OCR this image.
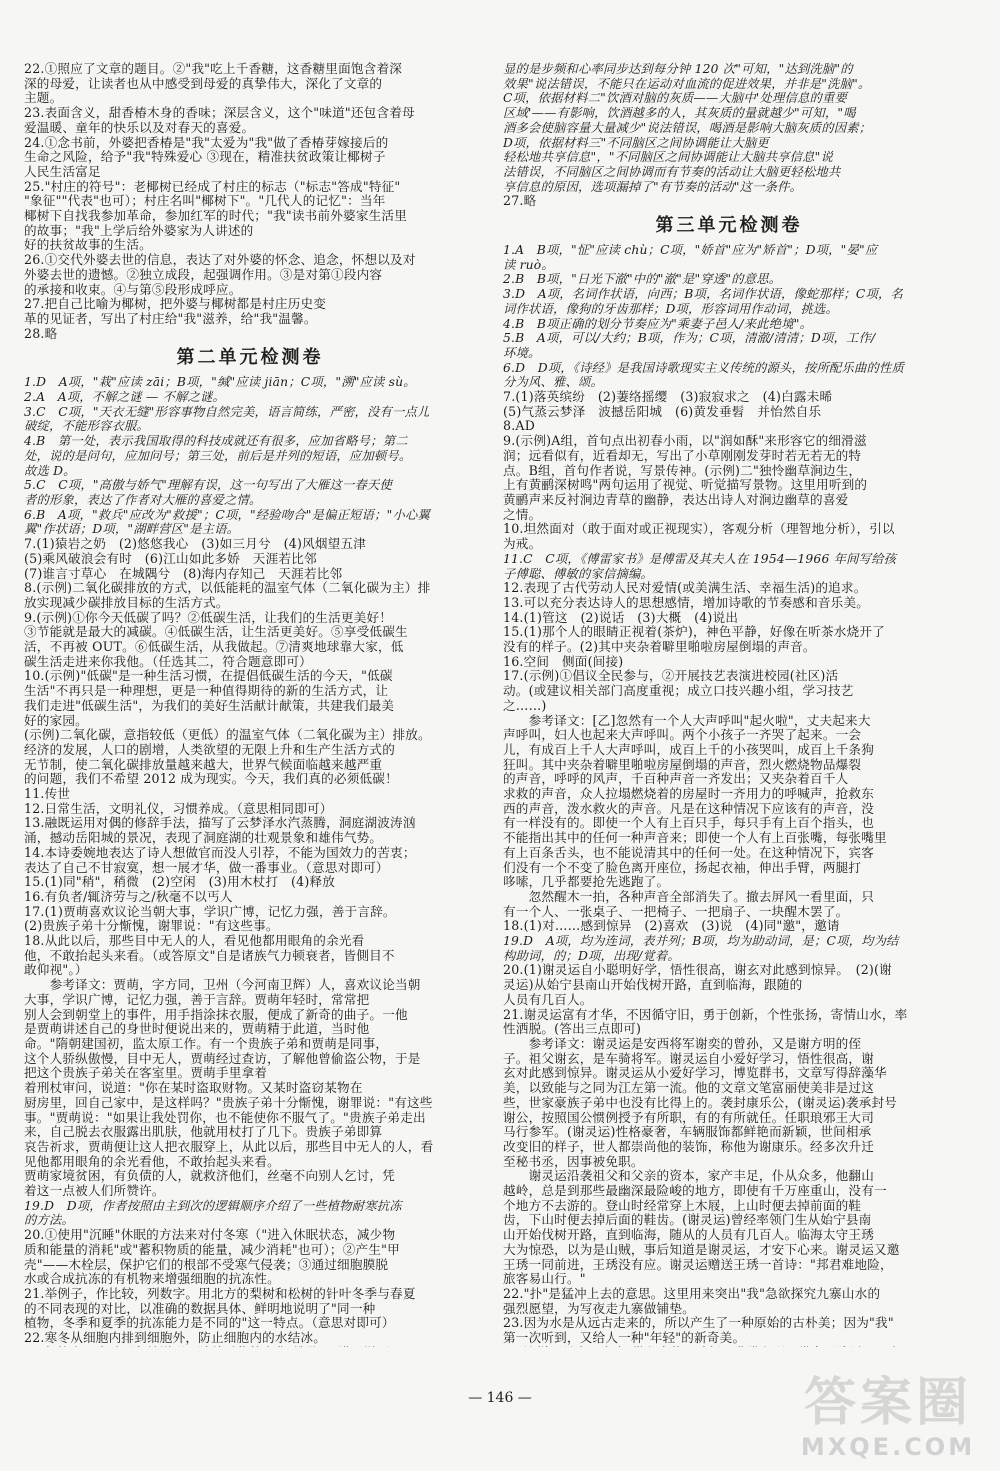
22.①照应了文章的题目。②"我"吃上千香糖，这香糖里面饱含着深
深的母爱，让读者也从中感受到母爱的真挚伟大，深化了文章的
主题。
23.表面含义，甜香椿木身的香味；深层含义，这个"味道"还包含着母
爱温暖、童年的快乐以及对春天的喜爱。
24.①念书前，外婆把香椿是"我"太爱为"我"做了香椿芽嫁接后的
生命之风险，给予"我"特殊爱心 ③现在，精准扶贫政策让椰树子
人民生活富足
25."村庄的符号"：老椰树已经成了村庄的标志（"标志"答成"特征"
"象征""代表"也可）；村庄名叫"椰树下"。"几代人的记忆"：当年
椰树下自找我参加革命，参加红军的时代；"我"读书前外婆家生活里
的故事；"我"上学后给外婆家为人讲述的
好的扶贫故事的生活。
26.①交代外婆去世的信息，表达了对外婆的怀念、追念，怀想以及对
外婆去世的遗憾。②独立成段，起强调作用。③是对第①段内容
的承接和收束。④与第⑤段形成呼应。
27.把自己比喻为椰树，把外婆与椰树都是村庄历史变
革的见证者，写出了村庄给"我"滋养，给"我"温馨。
28.略
第二单元检测卷
1.D　A项，"栽"应读 zāi；B项，"缄"应读 jiān；C项，"溯"应读 sù。
2.A　A项，不解之谜 — 不解之谜。
3.C　C项，"天衣无缝"形容事物自然完美，语言简练，严密，没有一点儿
破绽，不能形容衣服。
4.B　第一处，表示我国取得的科技成就还有很多，应加省略号；第二
处，说的是问句，应加问号；第三处，前后是并列的短语，应加顿号。
故选 D。
5.C　C项，"高傲与娇气"理解有误，这一句写出了大雁这一春天使
者的形象，表达了作者对大雁的喜爱之情。
6.B　A项，"救兵"应改为"救援"；C项，"经验吻合"是偏正短语；"小心翼
翼"作状语；D项，"湖畔营区"是主语。
7.(1)猿岩之奶　(2)悠悠我心　(3)如三月兮　(4)风烟望五津
(5)乘风破浪会有时　(6)江山如此多娇　天涯若比邻
(7)谁言寸草心　在城隅兮　(8)海内存知己　天涯若比邻
8.(示例)二氧化碳排放的方式，以低能耗的温室气体（二氧化碳为主）排
放实现减少碳排放目标的生活方式。
9.(示例)①你今天低碳了吗？②低碳生活，让我们的生活更美好！
③节能就是最大的减碳。④低碳生活，让生活更美好。⑤享受低碳生
活，不再被 OUT。⑥低碳生活，从我做起。⑦清爽地球靠大家，低
碳生活走进来你我他。（任选其二，符合题意即可）
10.(示例)"低碳"是一种生活习惯，在提倡低碳生活的今天，"低碳
生活"不再只是一种理想，更是一种值得期待的新的生活方式，让
我们走进"低碳生活"，为我们的美好生活献计献策，共建我们最美
好的家园。
(示例)二氧化碳，意指较低（更低）的温室气体（二氧化碳为主）排放。
经济的发展，人口的剧增，人类欲望的无限上升和生产生活方式的
无节制，使二氧化碳排放量越来越大，世界气候面临越来越严重
的问题，我们不希望 2012 成为现实。今天，我们真的必须低碳！
11.传世
12.日常生活，文明礼仪，习惯养成。（意思相同即可）
13.融既运用对偶的修辞手法，描写了云梦泽水汽蒸腾，洞庭湖波涛汹
涌，撼动岳阳城的景况，表现了洞庭湖的壮观景象和雄伟气势。
14.本诗委婉地表达了诗人想做官而没人引荐，不能为国效力的苦衷；
表达了自己不甘寂寞，想一展才华，做一番事业。（意思对即可）
15.(1)同"稍"，稍微　(2)空闲　(3)用木杖打　(4)释放
16.有负者/辄济劳与之/秋毫不以丐人
17.(1)贾萌喜欢议论当朝大事，学识广博，记忆力强，善于言辞。
(2)贵族子弟十分惭愧，谢罪说："有这些事。
18.从此以后，那些目中无人的人，看见他都用眼角的余光看
他，不敢抬起头来看。（或答原文"自是诸族气力顿衰者，皆側目不
敢仰视"。）
　　参考译文：贾萌，字方同，卫州（今河南卫辉）人，喜欢议论当朝
大事，学识广博，记忆力强，善于言辞。贾萌年轻时，常常把
别人会到朝堂上的事件，用手指涂抹衣服，便成了新奇的曲子。一他
是贾萌讲述自己的身世时便说出来的，贾萌精于此道，当时他
命。"隋朝建国初，监太原工作。有一个贵族子弟和贾萌是同事，
这个人骄纵傲慢，目中无人，贾萌经过查访，了解他曾偷盗公物，于是
把这个贵族子弟关在客室里。贾萌手里拿着
着刑杖审问，说道："你在某时盗取财物。又某时盗窃某物在
厨房里，回自己家中，是这样吗？"贵族子弟十分惭愧，谢罪说："有这些
事。"贾萌说："如果让我处罚你，也不能使你不服气了。"贵族子弟走出
来，自己脱去衣服露出肌肤，他就用杖打了几下。贵族子弟即算
哀告祈求，贾萌便让这人把衣服穿上，从此以后，那些目中无人的人，看
见他都用眼角的余光看他，不敢抬起头来看。
贾萌家境贫困，有负债的人，就救济他们，丝毫不向别人乞讨，凭
着这一点被人们所赞许。
19.D　D项，作者按照由主到次的逻辑顺序介绍了一些植物耐寒抗冻
的方法。
20.①使用"沉睡"休眠的方法来对付冬寒（"进入休眠状态，减少物
质和能量的消耗"或"蓄积物质的能量，减少消耗"也可）；②产生"甲
壳"——木栓层，保护它们的根部不受寒气侵袭；③通过细胞膜脱
水或合成抗冻的有机物来增强细胞的抗冻性。
21.举例子，作比较，列数字。用北方的梨树和松树的针叶冬季与春夏
的不同表现的对比，以准确的数据具体、鲜明地说明了"同一种
植物，冬季和夏季的抗冻能力是不同的"这一特点。（意思对即可）
22.寒冬从细胞内排到细胞外，防止细胞内的水结冰。
显的是步频和心率同步达到每分钟 120 次"可知，"达到洗脑"的
效果"说法错误，不能只在运动对血流的促进效果，并非是"洗脑"。
C项，依据材料二"饮酒对脑的灰质——大脑中'处理信息的重要
区域'——有影响，饮酒越多的人，其灰质的量就越少"可知，"喝
酒多会使脑容量大量减少"说法错误，喝酒是影响大脑灰质的因素；
D项，依据材料三"不同脑区之间协调能让大脑更
轻松地共享信息"，"不同脑区之间协调能让大脑共享信息"说
法错误，不同脑区之间协调而有节奏的活动让大脑更轻松地共
享信息的原因，选项漏掉了"有节奏的活动"这一条件。
27.略
第三单元检测卷
1.A　B项，"怔"应读 chù；C项，"娇首"应为"矫首"；D项，"晏"应
读 ruò。
2.B　B项，"日光下澈"中的"澈"是"穿透"的意思。
3.D　A项，名词作状语，向西；B项，名词作状语，像蛇那样；C项，名
词作状语，像狗的牙齿那样；D项，形容词用作动词，挑选。
4.B　B项正确的划分节奏应为"乘妻子邑人/来此绝境"。
5.B　A项，可以/大约；B项，作为；C项，清澈/清清；D项，工作/
环境。
6.D　D项，《诗经》是我国诗歌现实主义传统的源头，按所配乐曲的性质
分为风、雅、颂。
7.(1)落英缤纷　(2)萋络摇缨　(3)寂寂求之　(4)白露未晞
(5)气蒸云梦泽　波撼岳阳城　(6)黄发垂髫　并怡然自乐
8.AD
9.(示例)A组，首句点出初春小雨，以"润如酥"来形容它的细滑滋
润；远看似有，近看却无，写出了小草刚刚发芽时若无若无的特
点。B组，首句作者说，写景传神。(示例)二"独怜幽草涧边生，
上有黄鹂深树鸣"两句运用了视觉、听觉描写景物。这里用听到的
黄鹂声来反衬涧边青草的幽静，表达出诗人对涧边幽草的喜爱
之情。
10.坦然面对（敢于面对或正视现实），客观分析（理智地分析），引以
为戒。
11.C　C项，《傅雷家书》是傅雷及其夫人在 1954—1966 年间写给孩
子傅聪、傅敏的家信摘编。
12.表现了古代劳动人民对爱情(或美满生活、幸福生活)的追求。
13.可以充分表达诗人的思想感情，增加诗歌的节奏感和音乐美。
14.(1)管这　(2)说话　(3)大概　(4)说出
15.(1)那个人的眼睛正视着(茶炉)，神色平静，好像在听茶水烧开了
没有的样子。(2)其中夹杂着噼里啪啦房屋倒塌的声音。
16.空间　侧面(间接)
17.(示例)①倡议全民参与，②开展技艺表演进校园(社区)活
动。(或建议相关部门高度重视；成立口技兴趣小组，学习技艺
之……)
　　参考译文：[乙]忽然有一个人大声呼叫"起火啦"，丈夫起来大
声呼叫，妇人也起来大声呼叫。两个小孩子一齐哭了起来。一会
儿，有成百上千人大声呼叫，成百上千的小孩哭叫，成百上千条狗
狂叫。其中夹杂着噼里啪啦房屋倒塌的声音，烈火燃烧物品爆裂
的声音，呼呼的风声，千百种声音一齐发出；又夹杂着百千人
求救的声音，众人拉塌燃烧着的房屋时一齐用力的呼喊声，抢救东
西的声音，泼水救火的声音。凡是在这种情况下应该有的声音，没
有一样没有的。即使一个人有上百只手，每只手有上百个指头，也
不能指出其中的任何一种声音来；即使一个人有上百张嘴，每张嘴里
有上百条舌头，也不能说清其中的任何一处。在这种情况下，宾客
们没有一个不变了脸色离开座位，扬起衣袖，伸出手臂，两腿打
哆嗦，几乎都要抢先逃跑了。
　　忽然醒木一拍，各种声音全部消失了。撤去屏风一看里面，只
有一个人、一张桌子、一把椅子、一把扇子、一块醒木罢了。
18.(1)对……感到惊异　(2)喜欢　(3)说　(4)同"邀"，邀请
19.D　A项，均为连词，表并列；B项，均为助动词，是；C项，均为结
构助词，的；D项，出现/覚着。
20.(1)谢灵运自小聪明好学，悟性很高，谢玄对此感到惊异。　(2)(谢
灵运)从始宁县南山开始伐树开路，直到临海，跟随的
人员有几百人。
21.谢灵运富有才华，不因循守旧，勇于创新，个性张扬，寄情山水，率
性洒脱。(答出三点即可)
　　参考译文：谢灵运是安西将军谢奕的曾孙，又是谢方明的侄
子。祖父谢玄，是车骑将军。谢灵运自小爱好学习，悟性很高，谢
玄对此感到惊异。谢灵运从小爱好学习，博览群书，文章写得辞藻华
美，以致能与之同为江左第一流。他的文章文笔富丽使美非是过这
些，世家豪族子弟中也没有比得上的。袭封康乐公，(谢灵运)袭承封号
谢公，按照国公惯例授予有所职，有的有所就任。任职琅邪王大司
马行参军。(谢灵运)性格豪奢，车辆服饰都鲜艳而新颖，世间相承
改变旧的样子，世人都崇尚他的装饰，称他为谢康乐。经多次升迁
至秘书丞，因事被免职。
　　谢灵运沿袭祖父和父亲的资本，家产丰足，仆从众多，他翻山
越岭，总是到那些最幽深最险峻的地方，即使有千万座重山，没有一
个地方不去游的。登山时经常穿上木屐，上山时便去掉前面的鞋
齿，下山时便去掉后面的鞋齿。(谢灵运)曾经率领门生从始宁县南
山开始伐树开路，直到临海，随从的人员有几百人。临海太守王琇
大为惊恐，以为是山贼，事后知道是谢灵运，才安下心来。谢灵运又邀
王琇一同前进，王琇没有应。谢灵运赠送王琇一首诗："邦君难地险，
旅客易山行。"
22."扑"是猛冲上去的意思。这里用来突出"我"急欲探究九寨山水的
强烈愿望，为写夜走九寨做铺垫。
23.因为水是从远古走来的，所以产生了一种原始的古朴美；因为"我"
第一次听到，又给人一种"年轻"的新奇美。
— 146 —	答案圈
MXQE.COM
